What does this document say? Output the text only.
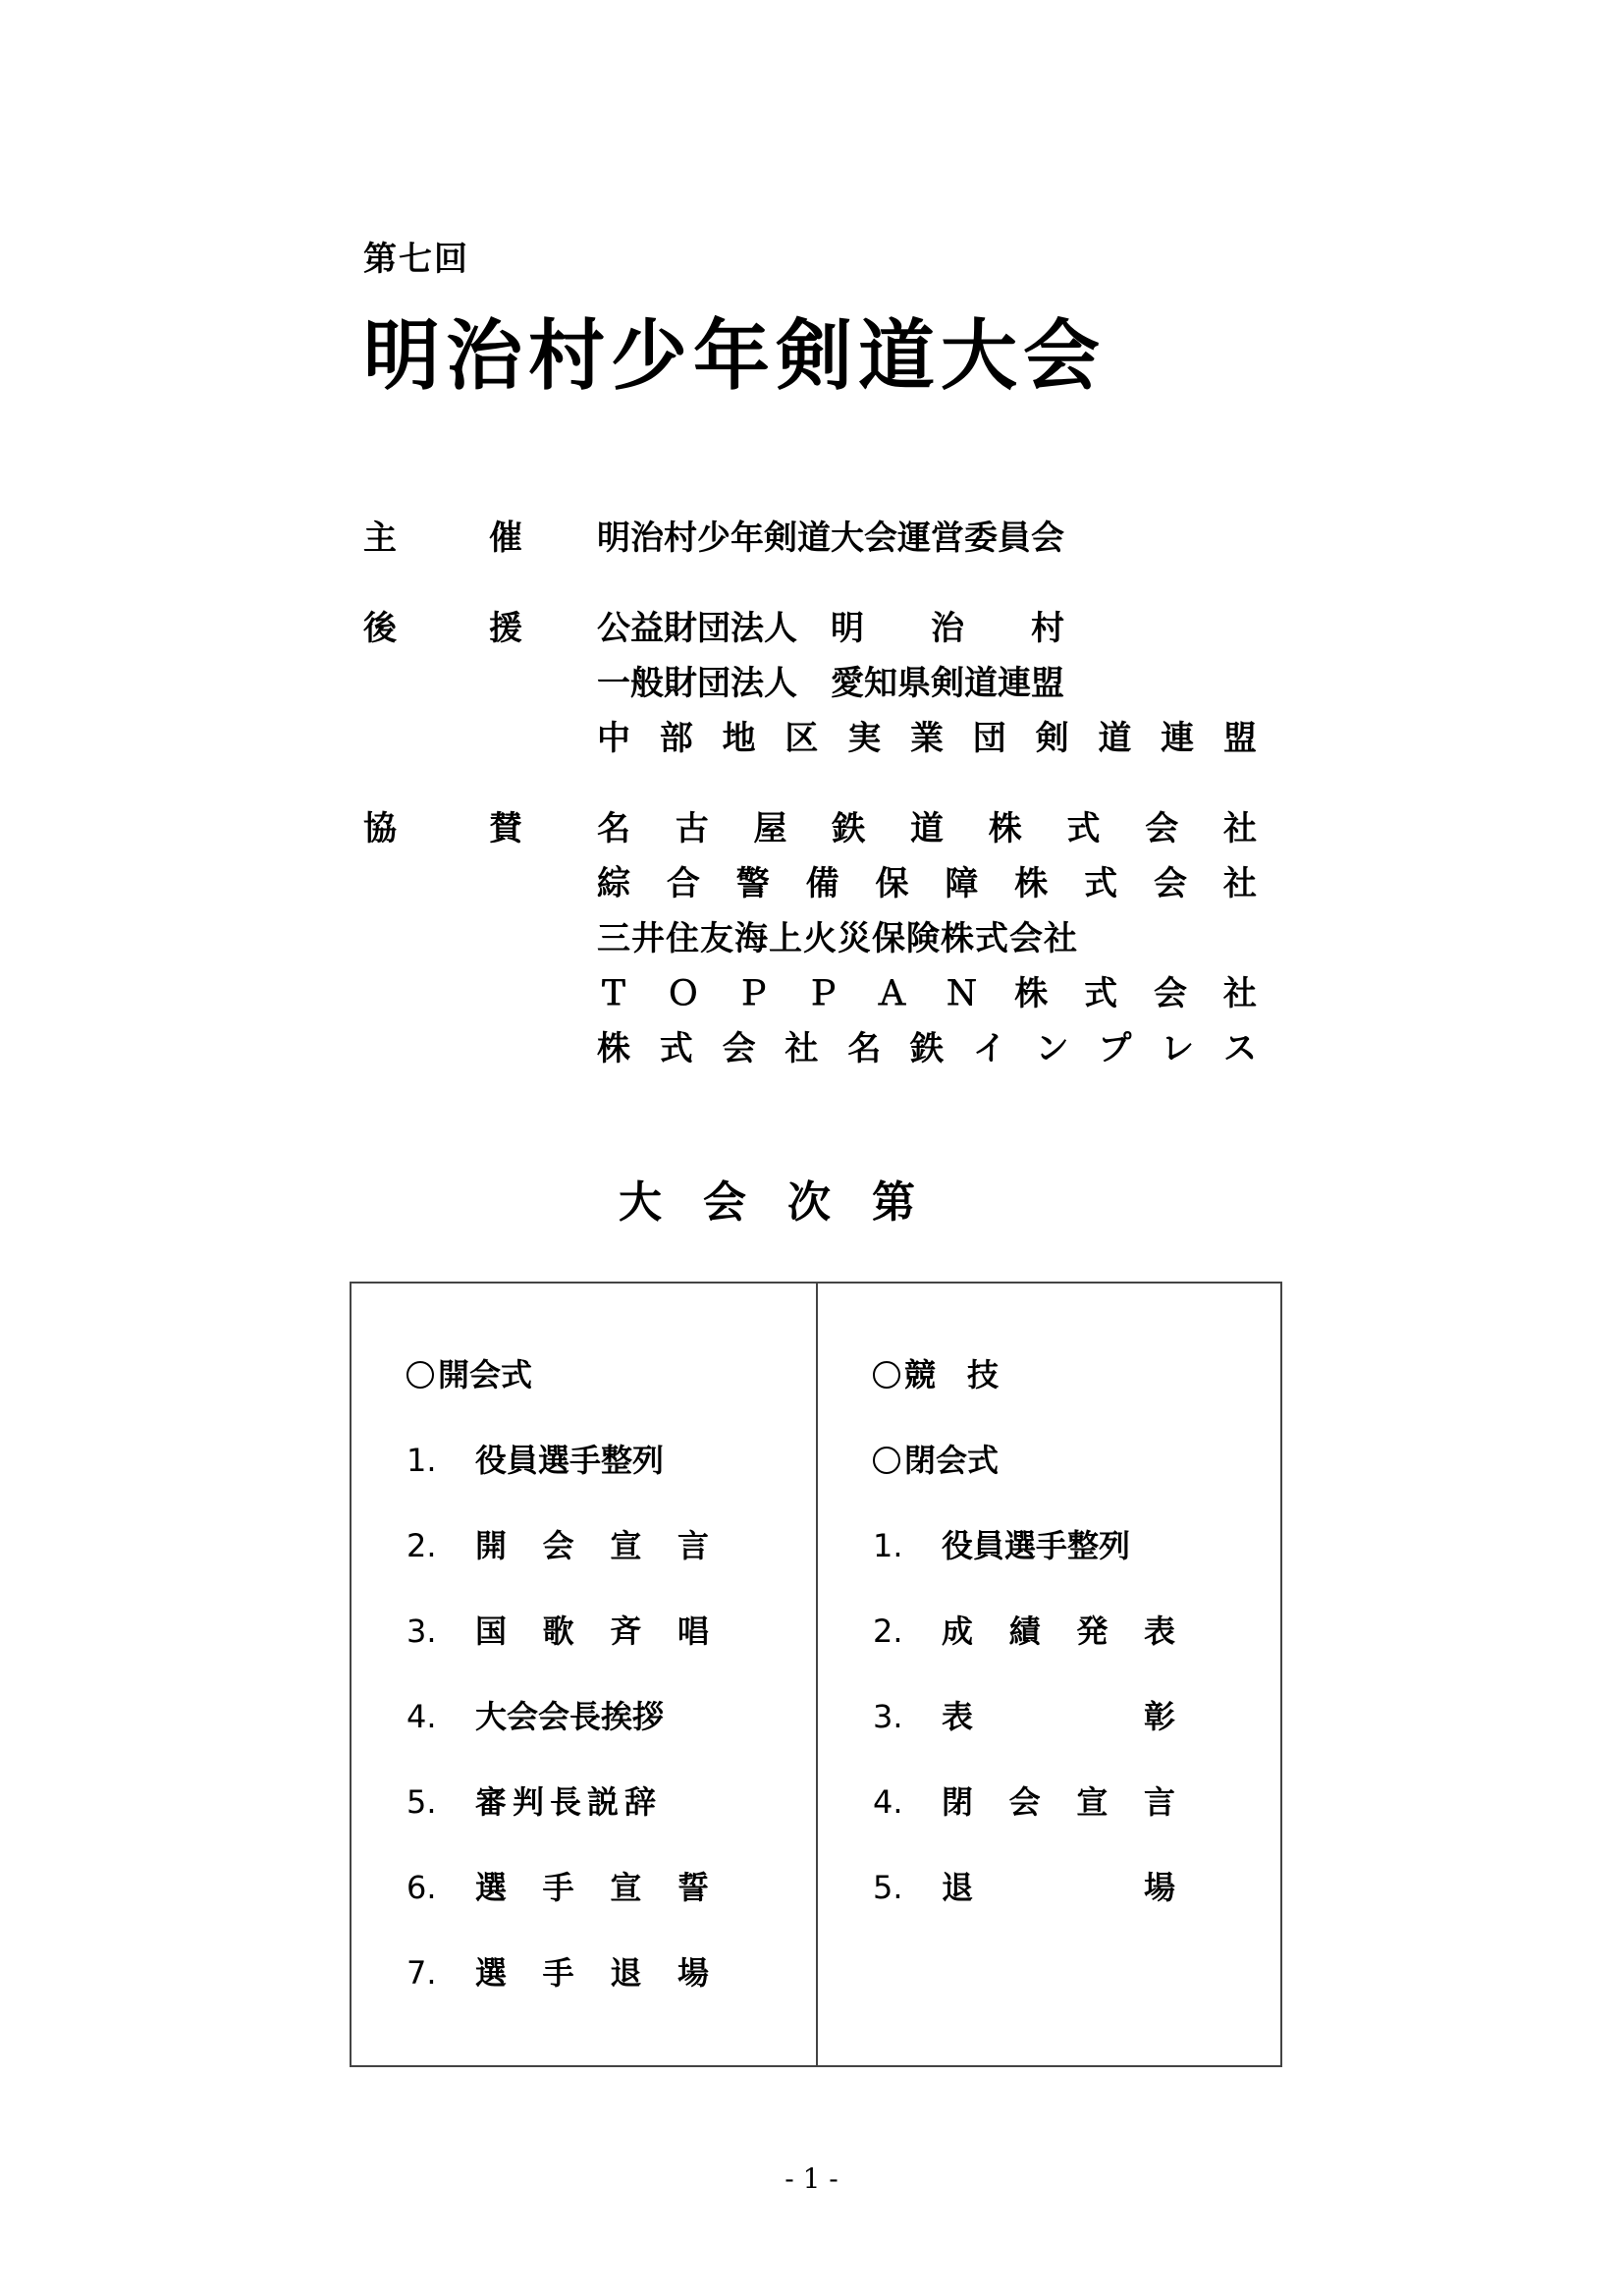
第七回
明治村少年剣道大会
主　催	明治村少年剣道大会運営委員会
後　援	公益財団法人　明　　治　　村
一般財団法人　愛知県剣道連盟
中 部 地 区 実 業 団 剣 道 連 盟
協　賛	名 古 屋 鉄 道 株 式 会 社
綜 合 警 備 保 障 株 式 会 社
三井住友海上火災保険株式会社
Ｔ Ｏ Ｐ Ｐ Ａ Ｎ 株 式 会 社
株 式 会 社 名 鉄 イ ン プ レ ス
大会次第
開会式
1.	役員選手整列
2.	開 会 宣 言
3.	国 歌 斉 唱
4.	大会会長挨拶
5.	審判長説辞
6.	選 手 宣 誓
7.	選 手 退 場
競　技
閉会式
1.	役員選手整列
2.	成 績 発 表
3.	表	彰
4.	閉 会 宣 言
5.	退	場
- 1 -
